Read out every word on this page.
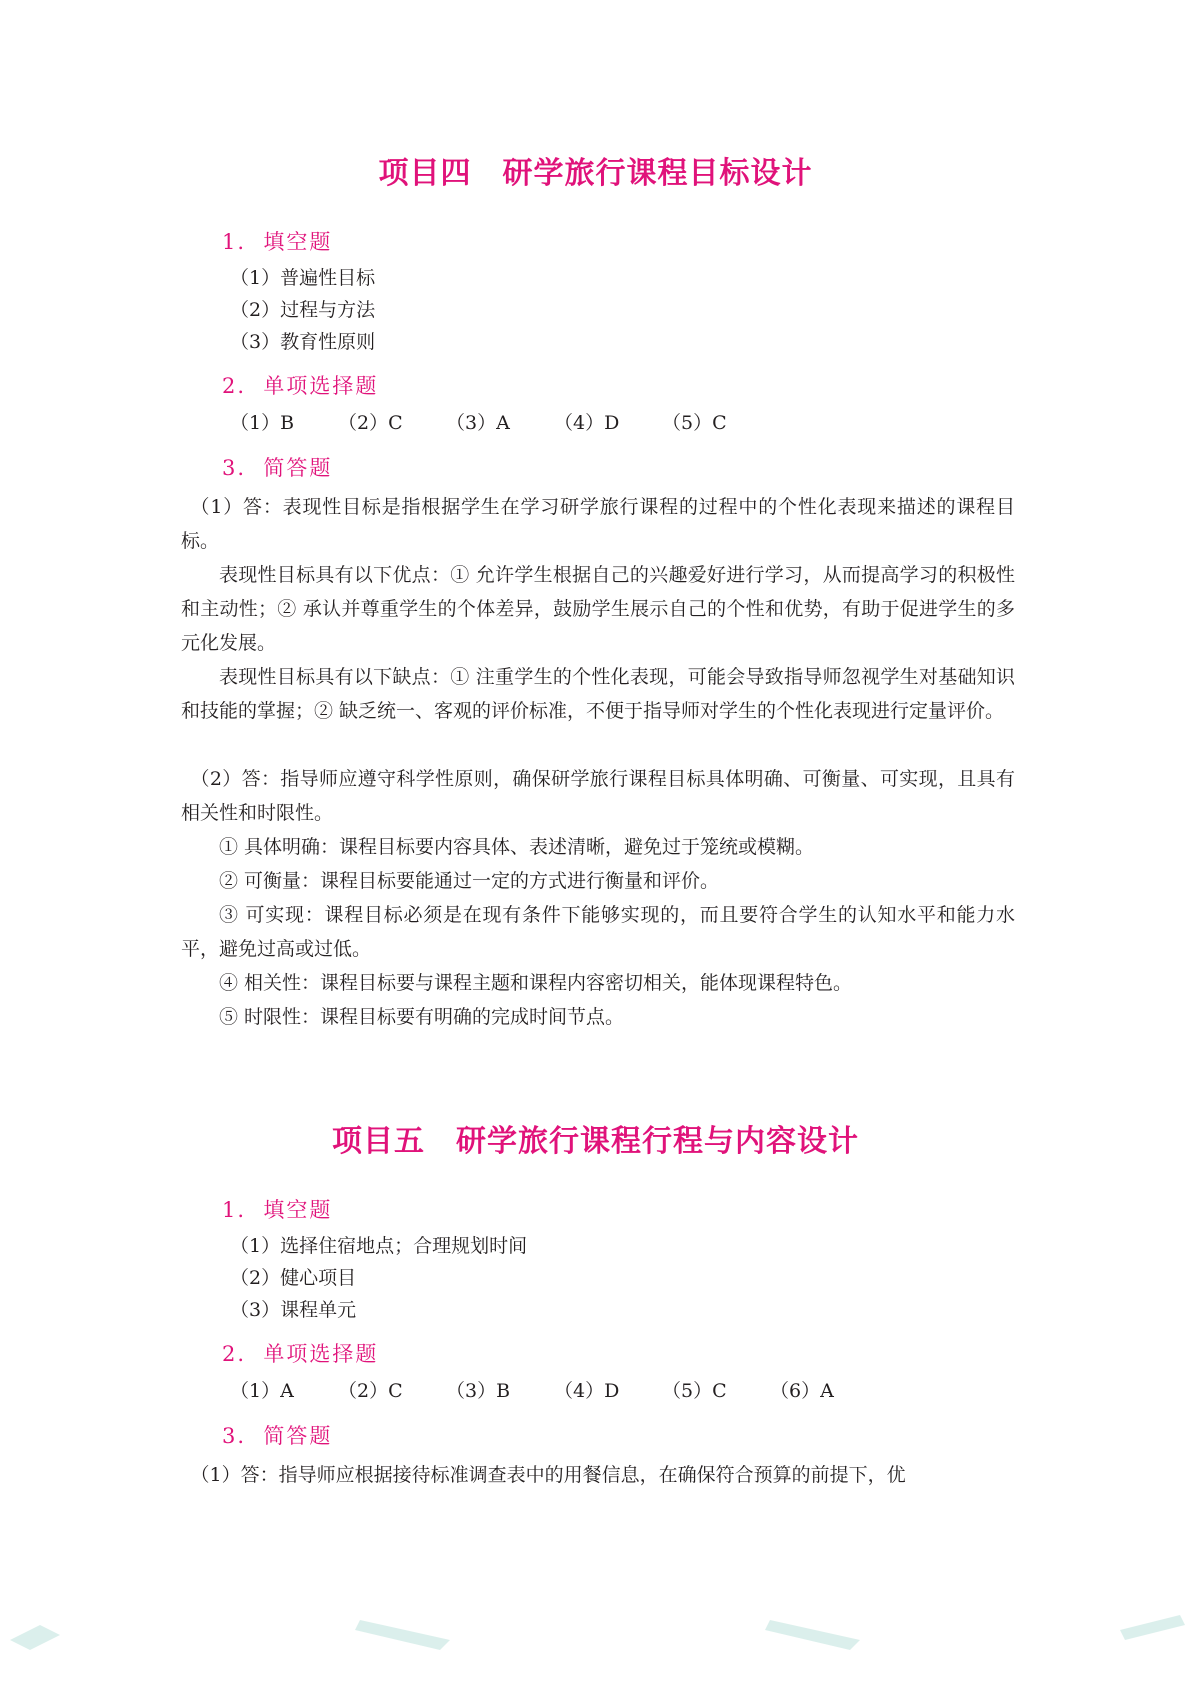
项目四　研学旅行课程目标设计
1.  填空题
（1）普遍性目标
（2）过程与方法
（3）教育性原则
2.  单项选择题
（1）B （2）C （3）A （4）D （5）C
3.  简答题
（1）答：表现性目标是指根据学生在学习研学旅行课程的过程中的个性化表现来描述的课程目标。
表现性目标具有以下优点：① 允许学生根据自己的兴趣爱好进行学习，从而提高学习的积极性和主动性；② 承认并尊重学生的个体差异，鼓励学生展示自己的个性和优势，有助于促进学生的多元化发展。
表现性目标具有以下缺点：① 注重学生的个性化表现，可能会导致指导师忽视学生对基础知识和技能的掌握；② 缺乏统一、客观的评价标准，不便于指导师对学生的个性化表现进行定量评价。
（2）答：指导师应遵守科学性原则，确保研学旅行课程目标具体明确、可衡量、可实现，且具有相关性和时限性。
① 具体明确：课程目标要内容具体、表述清晰，避免过于笼统或模糊。
② 可衡量：课程目标要能通过一定的方式进行衡量和评价。
③ 可实现：课程目标必须是在现有条件下能够实现的，而且要符合学生的认知水平和能力水平，避免过高或过低。
④ 相关性：课程目标要与课程主题和课程内容密切相关，能体现课程特色。
⑤ 时限性：课程目标要有明确的完成时间节点。
项目五　研学旅行课程行程与内容设计
1.  填空题
（1）选择住宿地点；合理规划时间
（2）健心项目
（3）课程单元
2.  单项选择题
（1）A （2）C （3）B （4）D （5）C （6）A
3.  简答题
（1）答：指导师应根据接待标准调查表中的用餐信息，在确保符合预算的前提下，优
